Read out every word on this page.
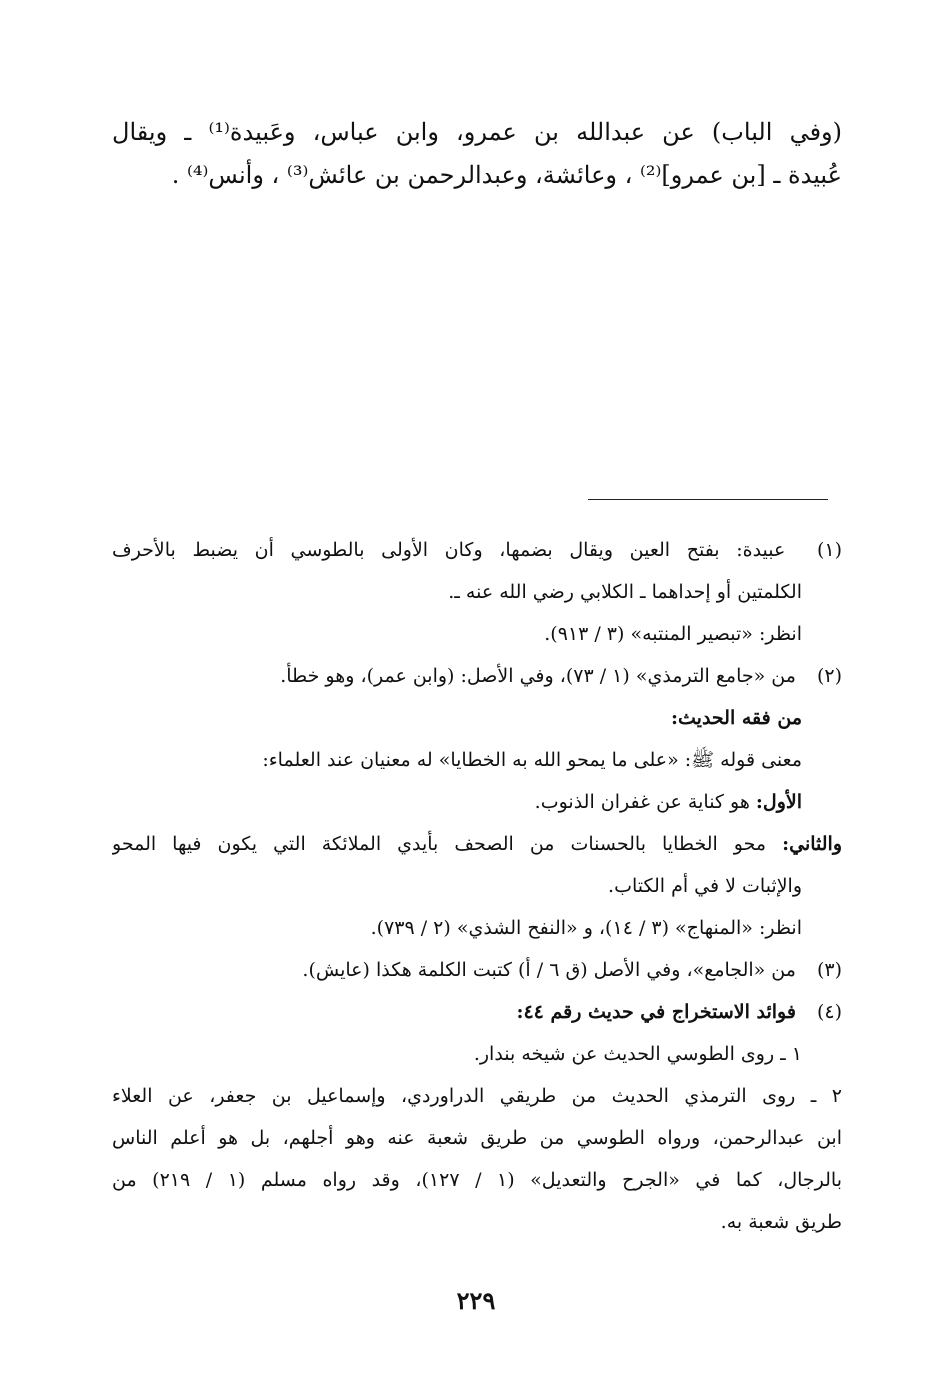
(وفي الباب) عن عبدالله بن عمرو، وابن عباس، وعَبيدة⁽¹⁾ ـ ويقال
عُبيدة ـ [بن عمرو]⁽²⁾ ، وعائشة، وعبدالرحمن بن عائش⁽³⁾ ، وأنس⁽⁴⁾ .
(١) عبيدة: بفتح العين ويقال بضمها، وكان الأولى بالطوسي أن يضبط بالأحرف
الكلمتين أو إحداهما ـ الكلابي رضي الله عنه ـ.
انظر: «تبصير المنتبه» (٣ / ٩١٣).
(٢) من «جامع الترمذي» (١ / ٧٣)، وفي الأصل: (وابن عمر)، وهو خطأ.
من فقه الحديث:
معنى قوله ﷺ: «على ما يمحو الله به الخطايا» له معنيان عند العلماء:
الأول: هو كناية عن غفران الذنوب.
والثاني: محو الخطايا بالحسنات من الصحف بأيدي الملائكة التي يكون فيها المحو
والإثبات لا في أم الكتاب.
انظر: «المنهاج» (٣ / ١٤)، و «النفح الشذي» (٢ / ٧٣٩).
(٣) من «الجامع»، وفي الأصل (ق ٦ / أ) كتبت الكلمة هكذا (عايش).
(٤) فوائد الاستخراج في حديث رقم ٤٤:
١ ـ روى الطوسي الحديث عن شيخه بندار.
٢ ـ روى الترمذي الحديث من طريقي الدراوردي، وإسماعيل بن جعفر، عن العلاء
ابن عبدالرحمن، ورواه الطوسي من طريق شعبة عنه وهو أجلهم، بل هو أعلم الناس
بالرجال، كما في «الجرح والتعديل» (١ / ١٢٧)، وقد رواه مسلم (١ / ٢١٩) من
طريق شعبة به.
٢٢٩
